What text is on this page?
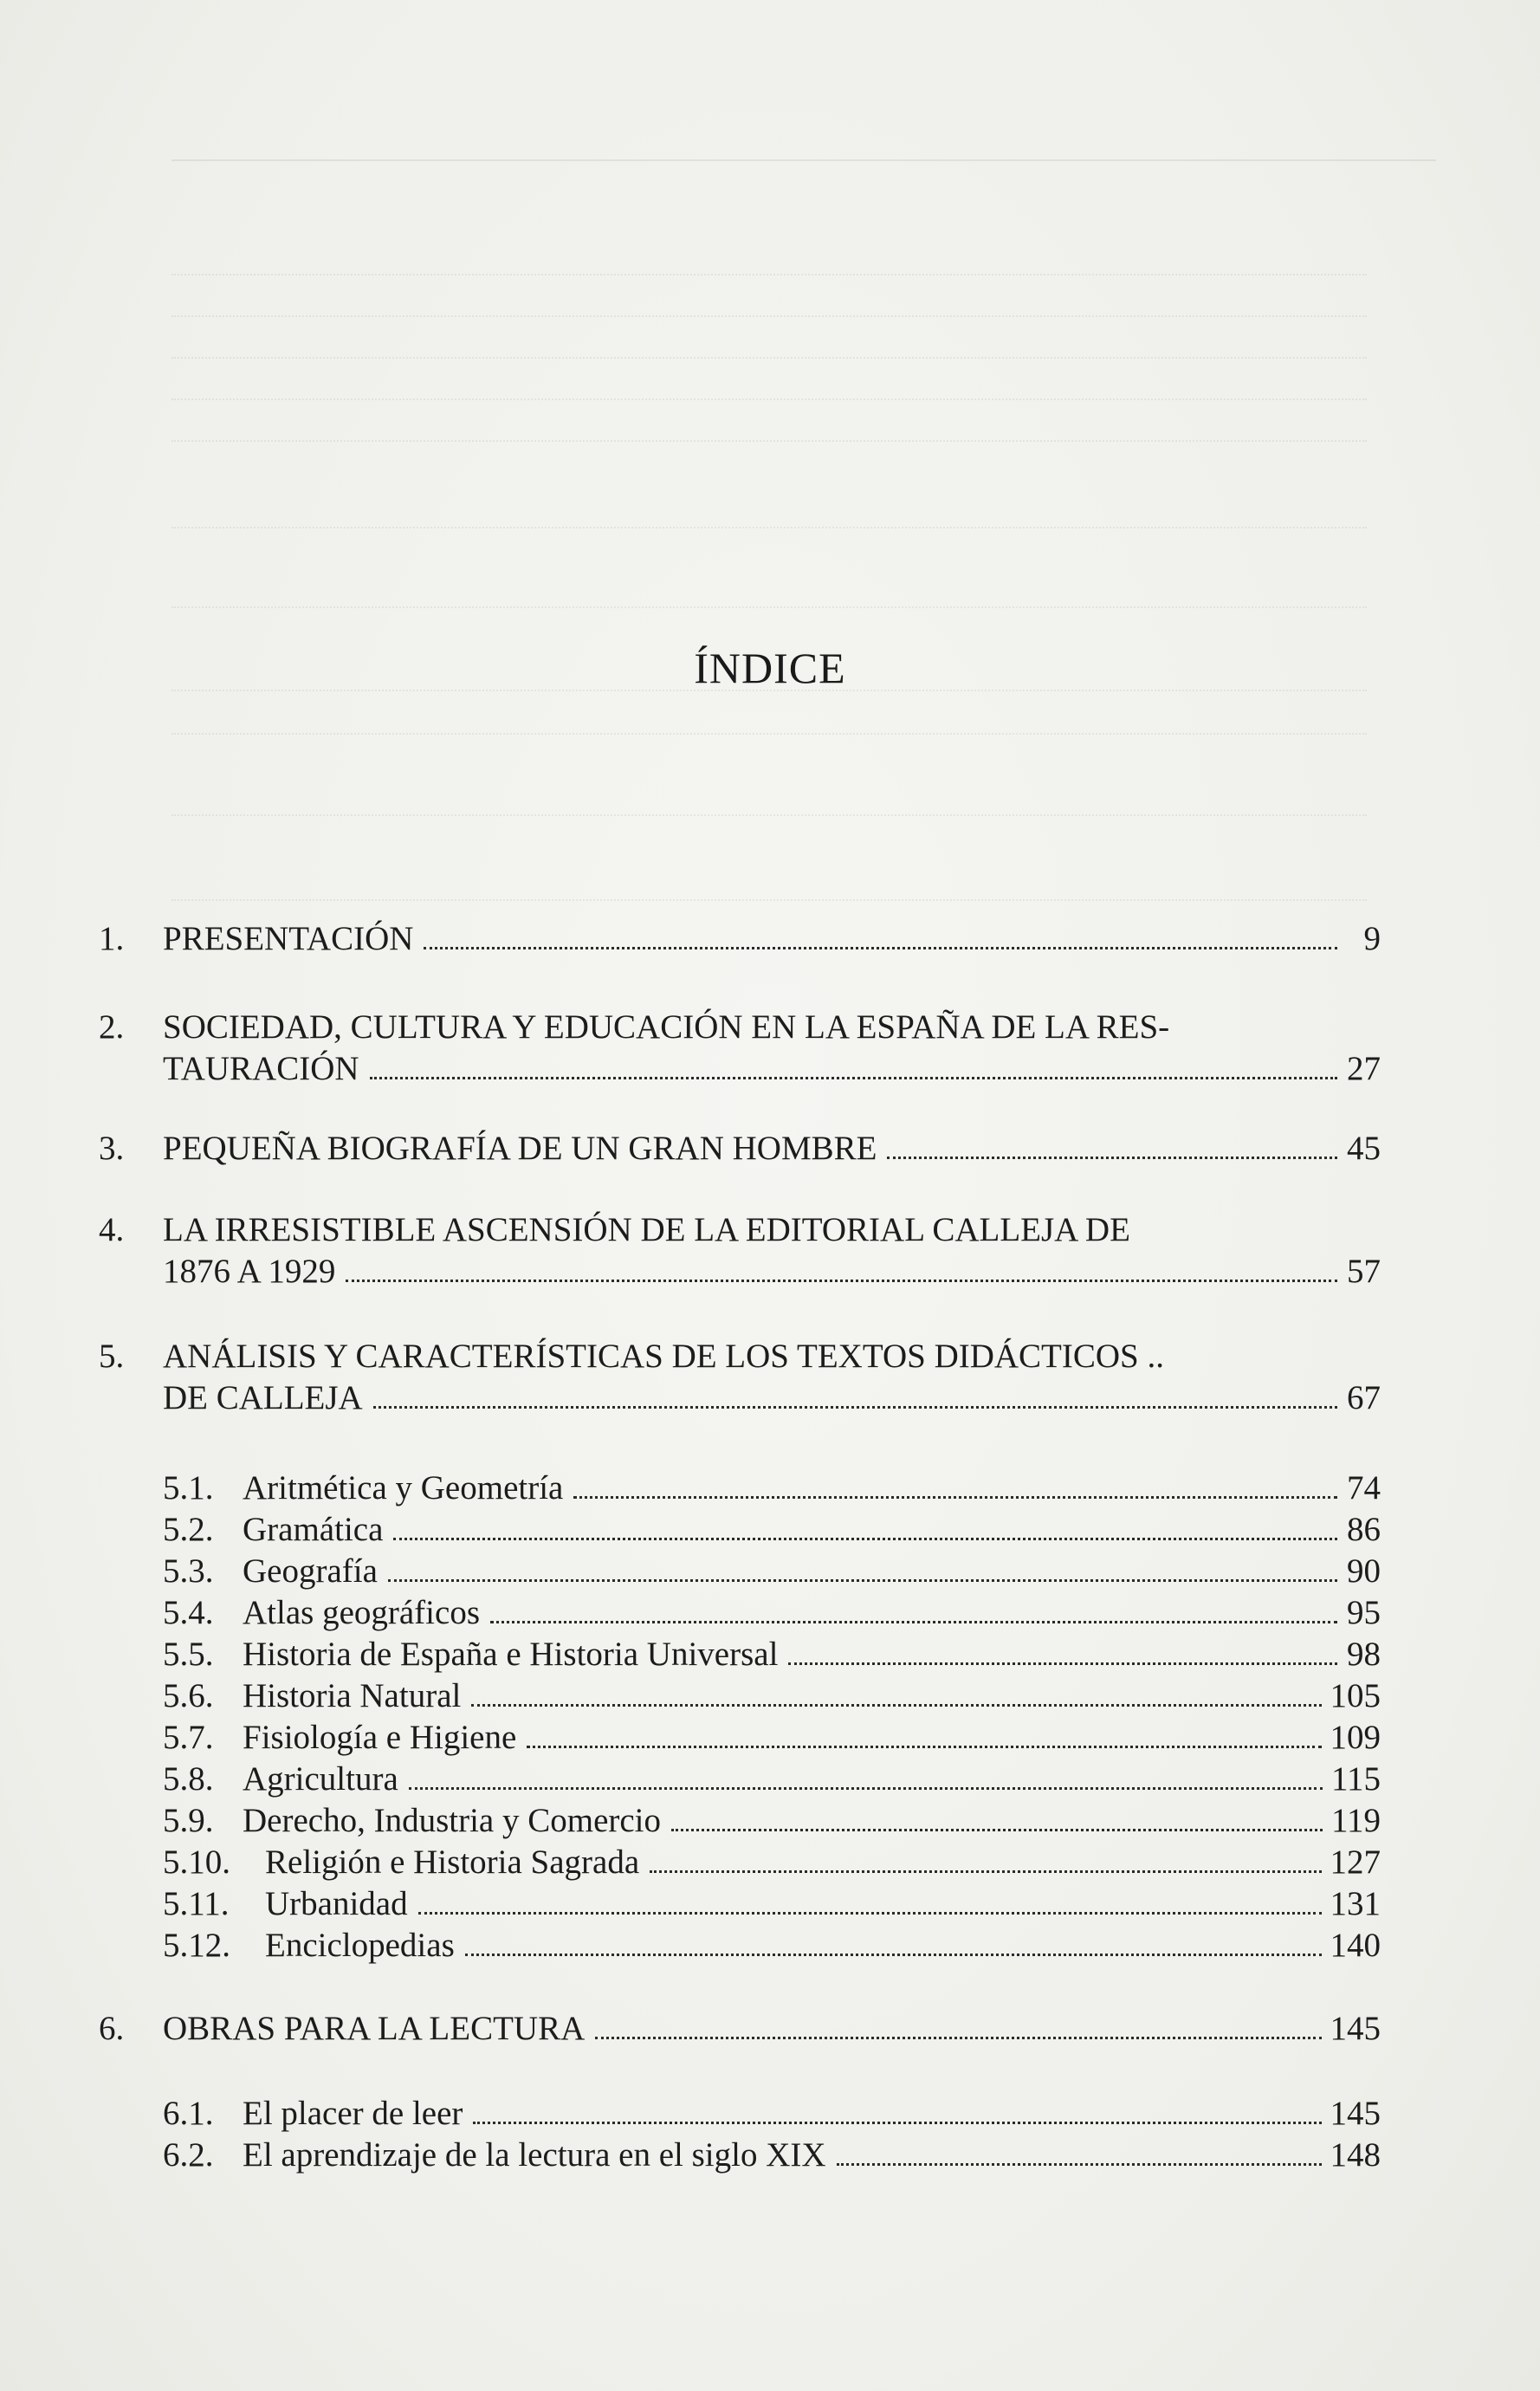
ÍNDICE
1. PRESENTACIÓN	9
2. SOCIEDAD, CULTURA Y EDUCACIÓN EN LA ESPAÑA DE LA RES-
TAURACIÓN	27
3. PEQUEÑA BIOGRAFÍA DE UN GRAN HOMBRE	45
4. LA IRRESISTIBLE ASCENSIÓN DE LA EDITORIAL CALLEJA DE
1876 A 1929	57
5. ANÁLISIS Y CARACTERÍSTICAS DE LOS TEXTOS DIDÁCTICOS ..
DE CALLEJA	67
5.1. Aritmética y Geometría	74
5.2. Gramática	86
5.3. Geografía	90
5.4. Atlas geográficos	95
5.5. Historia de España e Historia Universal	98
5.6. Historia Natural	105
5.7. Fisiología e Higiene	109
5.8. Agricultura	115
5.9. Derecho, Industria y Comercio	119
5.10. Religión e Historia Sagrada	127
5.11. Urbanidad	131
5.12. Enciclopedias	140
6. OBRAS PARA LA LECTURA	145
6.1. El placer de leer	145
6.2. El aprendizaje de la lectura en el siglo XIX	148
